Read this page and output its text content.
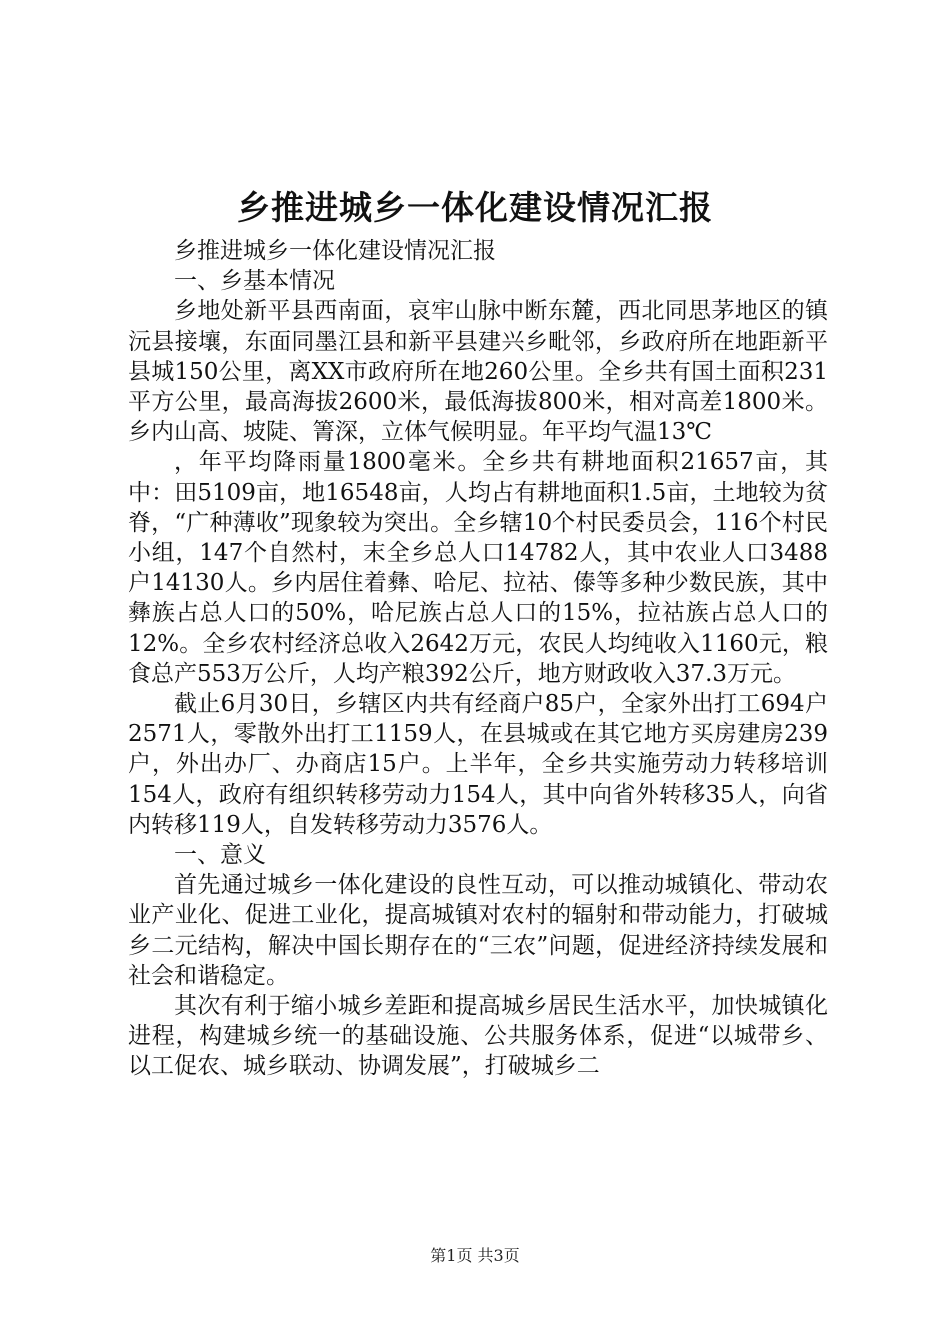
乡推进城乡一体化建设情况汇报

乡推进城乡一体化建设情况汇报

一、乡基本情况

乡地处新平县西南面，哀牢山脉中断东麓，西北同思茅地区的镇沅县接壤，东面同墨江县和新平县建兴乡毗邻，乡政府所在地距新平县城150公里，离XX市政府所在地260公里。全乡共有国土面积231平方公里，最高海拔2600米，最低海拔800米，相对高差1800米。乡内山高、坡陡、箐深，立体气候明显。年平均气温13℃

，年平均降雨量1800毫米。全乡共有耕地面积21657亩，其中：田5109亩，地16548亩，人均占有耕地面积1.5亩，土地较为贫脊，“广种薄收”现象较为突出。全乡辖10个村民委员会，116个村民小组，147个自然村，末全乡总人口14782人，其中农业人口3488户14130人。乡内居住着彝、哈尼、拉祜、傣等多种少数民族，其中彝族占总人口的50%，哈尼族占总人口的15%，拉祜族占总人口的12%。全乡农村经济总收入2642万元，农民人均纯收入1160元，粮食总产553万公斤，人均产粮392公斤，地方财政收入37.3万元。

截止6月30日，乡辖区内共有经商户85户，全家外出打工694户2571人，零散外出打工1159人，在县城或在其它地方买房建房239户，外出办厂、办商店15户。上半年，全乡共实施劳动力转移培训154人，政府有组织转移劳动力154人，其中向省外转移35人，向省内转移119人，自发转移劳动力3576人。

一、意义

首先通过城乡一体化建设的良性互动，可以推动城镇化、带动农业产业化、促进工业化，提高城镇对农村的辐射和带动能力，打破城乡二元结构，解决中国长期存在的“三农”问题，促进经济持续发展和社会和谐稳定。

其次有利于缩小城乡差距和提高城乡居民生活水平，加快城镇化进程，构建城乡统一的基础设施、公共服务体系，促进“以城带乡、以工促农、城乡联动、协调发展”，打破城乡二

第1页 共3页
